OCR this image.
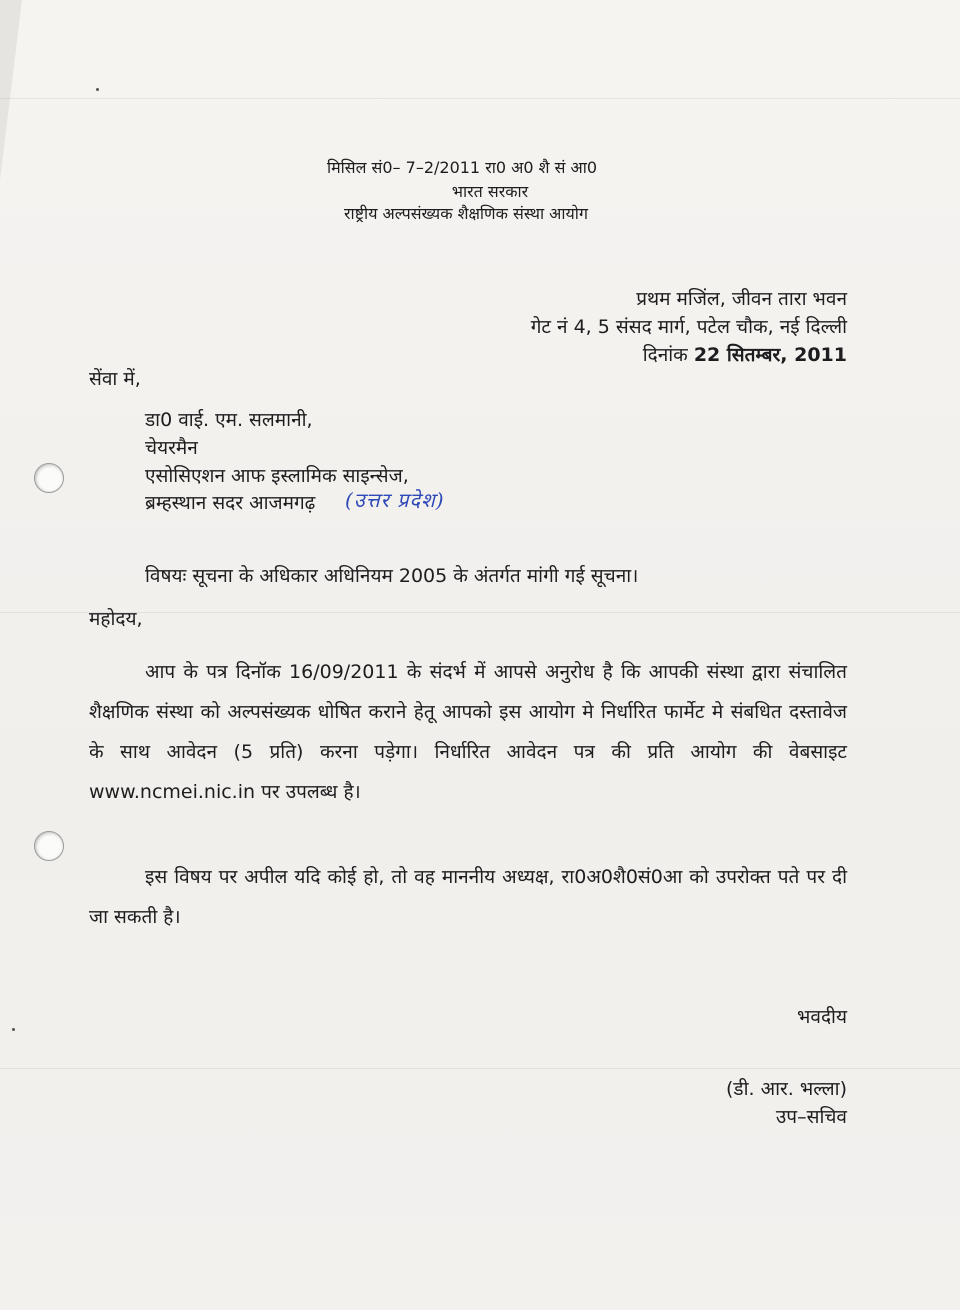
मिसिल सं0– 7–2/2011 रा0 अ0 शै सं आ0
भारत सरकार
राष्ट्रीय अल्पसंख्यक शैक्षणिक संस्था आयोग
प्रथम मजिंल, जीवन तारा भवन
गेट नं 4, 5 संसद मार्ग, पटेल चौक, नई दिल्ली
दिनांक 22 सितम्बर, 2011
सेंवा में,
डा0 वाई. एम. सलमानी,
चेयरमैन
एसोसिएशन आफ इस्लामिक साइन्सेज,
ब्रम्हस्थान सदर आजमगढ़ (उत्तर प्रदेश)
विषयः सूचना के अधिकार अधिनियम 2005 के अंतर्गत मांगी गई सूचना।
महोदय,
आप के पत्र दिनॉक 16/09/2011 के संदर्भ में आपसे अनुरोध है कि आपकी संस्था द्वारा संचालित शैक्षणिक संस्था को अल्पसंख्यक धोषित कराने हेतू आपको इस आयोग मे निर्धारित फार्मेट मे संबधित दस्तावेज के साथ आवेदन (5 प्रति) करना पड़ेगा। निर्धारित आवेदन पत्र की प्रति आयोग की वेबसाइट www.ncmei.nic.in पर उपलब्ध है।
इस विषय पर अपील यदि कोई हो, तो वह माननीय अध्यक्ष, रा0अ0शै0सं0आ को उपरोक्त पते पर दी जा सकती है।
भवदीय
(डी. आर. भल्ला)
उप–सचिव
